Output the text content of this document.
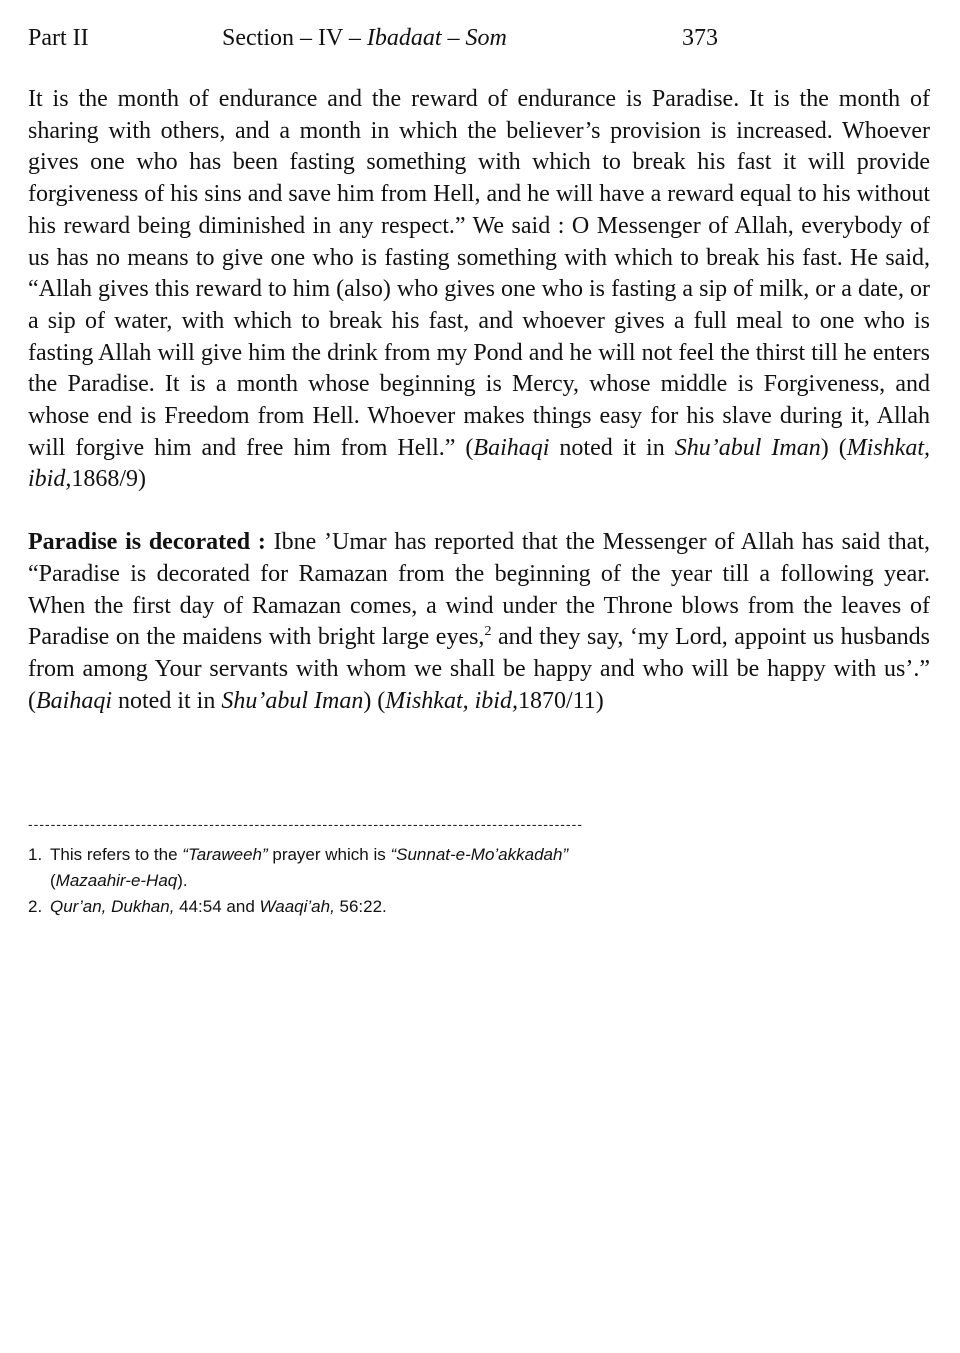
Part II	Section – IV – Ibadaat – Som	373

It is the month of endurance and the reward of endurance is Paradise. It is the month of sharing with others, and a month in which the believer’s provision is increased. Whoever gives one who has been fasting something with which to break his fast it will provide forgiveness of his sins and save him from Hell, and he will have a reward equal to his without his reward being diminished in any respect.” We said : O Messenger of Allah, everybody of us has no means to give one who is fasting something with which to break his fast. He said, “Allah gives this reward to him (also) who gives one who is fasting a sip of milk, or a date, or a sip of water, with which to break his fast, and whoever gives a full meal to one who is fasting Allah will give him the drink from my Pond and he will not feel the thirst till he enters the Paradise. It is a month whose beginning is Mercy, whose middle is Forgiveness, and whose end is Freedom from Hell. Whoever makes things easy for his slave during it, Allah will forgive him and free him from Hell.” (Baihaqi noted it in Shu’abul Iman) (Mishkat, ibid,1868/9)

Paradise is decorated : Ibne ’Umar has reported that the Messenger of Allah has said that, “Paradise is decorated for Ramazan from the beginning of the year till a following year. When the first day of Ramazan comes, a wind under the Throne blows from the leaves of Paradise on the maidens with bright large eyes,$^2$ and they say, ‘my Lord, appoint us husbands from among Your servants with whom we shall be happy and who will be happy with us’.” (Baihaqi noted it in Shu’abul Iman) (Mishkat, ibid,1870/11)

--------------------------------------------------------------------------------------------------
1. This refers to the “Taraweeh” prayer which is “Sunnat-e-Mo’akkadah”
(Mazaahir-e-Haq).
2. Qur’an, Dukhan, 44:54 and Waaqi’ah, 56:22.
